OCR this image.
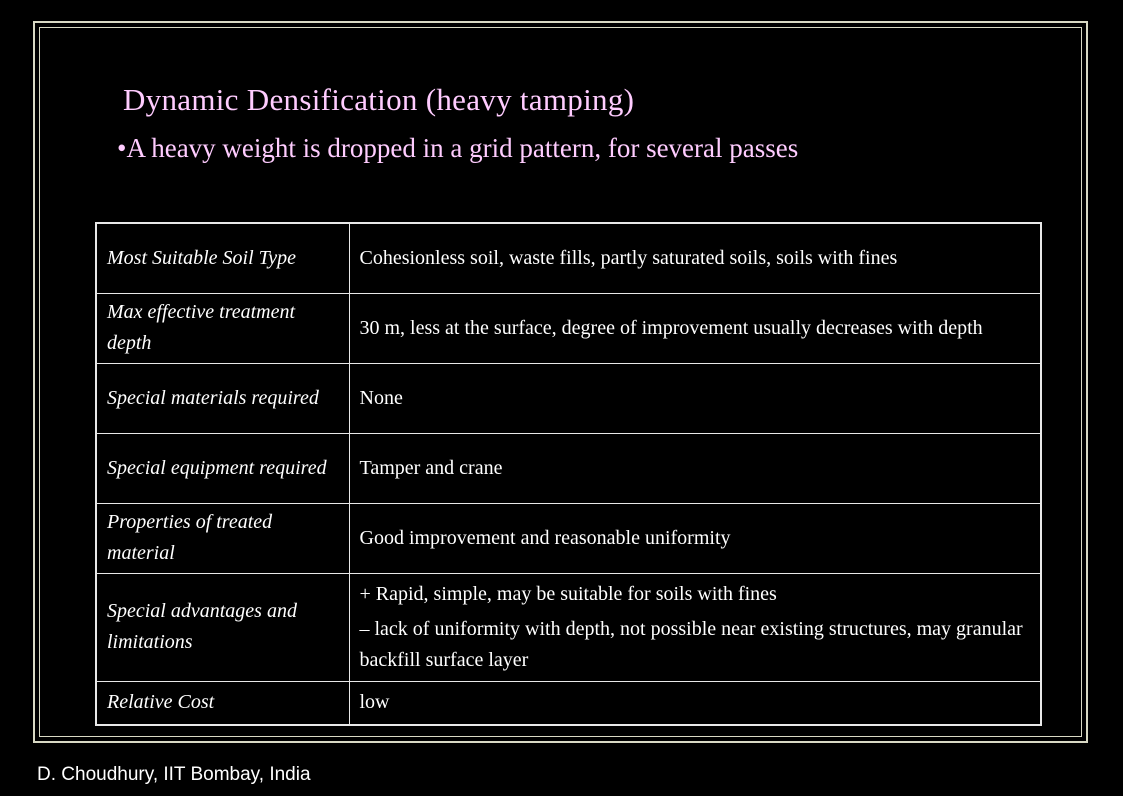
Dynamic Densification (heavy tamping)
•A heavy weight is dropped in a grid pattern, for several passes
Most Suitable Soil Type	Cohesionless soil, waste fills, partly saturated soils, soils with fines
Max effective treatment depth	30 m, less at the surface, degree of improvement usually decreases with depth
Special materials required	None
Special equipment required	Tamper and crane
Properties of treated material	Good improvement and reasonable uniformity
Special advantages and limitations	+ Rapid, simple, may be suitable for soils with fines
– lack of uniformity with depth, not possible near existing structures, may granular backfill surface layer

Relative Cost	low
D. Choudhury, IIT Bombay, India
